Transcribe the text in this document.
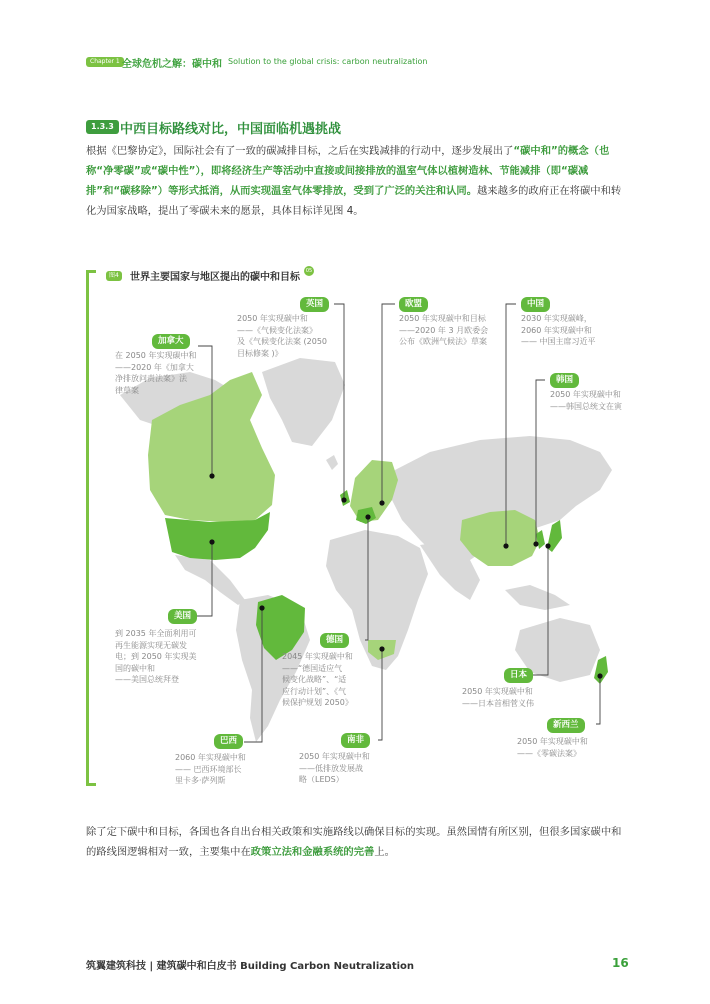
Chapter 1 全球危机之解：碳中和 Solution to the global crisis: carbon neutralization
1.3.3 中西目标路线对比，中国面临机遇挑战
根据《巴黎协定》，国际社会有了一致的碳减排目标，之后在实践减排的行动中，逐步发展出了“碳中和”的概念（也称“净零碳”或“碳中性”），即将经济生产等活动中直接或间接排放的温室气体以植树造林、节能减排（即“碳减排”和“碳移除”）等形式抵消，从而实现温室气体零排放，受到了广泛的关注和认同。越来越多的政府正在将碳中和转化为国家战略，提出了零碳未来的愿景，具体目标详见图 4。
图4	世界主要国家与地区提出的碳中和目标
05
加拿大
在 2050 年实现碳中和
——2020 年《加拿大
净排放问责法案》法
律草案
英国
2050 年实现碳中和
——《气候变化法案》
及《气候变化法案 (2050
目标修案 )》
欧盟
2050 年实现碳中和目标
——2020 年 3 月欧委会
公布《欧洲气候法》草案
中国
2030 年实现碳峰，
2060 年实现碳中和
—— 中国主席习近平
韩国
2050 年实现碳中和
——韩国总统文在寅
美国
到 2035 年全面利用可
再生能源实现无碳发
电；到 2050 年实现美
国的碳中和
——美国总统拜登
德国
2045 年实现碳中和
——“德国适应气
候变化战略”、“适
应行动计划”、《气
候保护规划 2050》
日本
2050 年实现碳中和
——日本首相菅义伟
巴西
2060 年实现碳中和
—— 巴西环境部长
里卡多·萨列斯
南非
2050 年实现碳中和
——低排放发展战
略（LEDS）
新西兰
2050 年实现碳中和
——《零碳法案》
除了定下碳中和目标，各国也各自出台相关政策和实施路线以确保目标的实现。虽然国情有所区别，但很多国家碳中和的路线图逻辑相对一致，主要集中在政策立法和金融系统的完善上。
筑翼建筑科技 | 建筑碳中和白皮书 Building Carbon Neutralization	16
